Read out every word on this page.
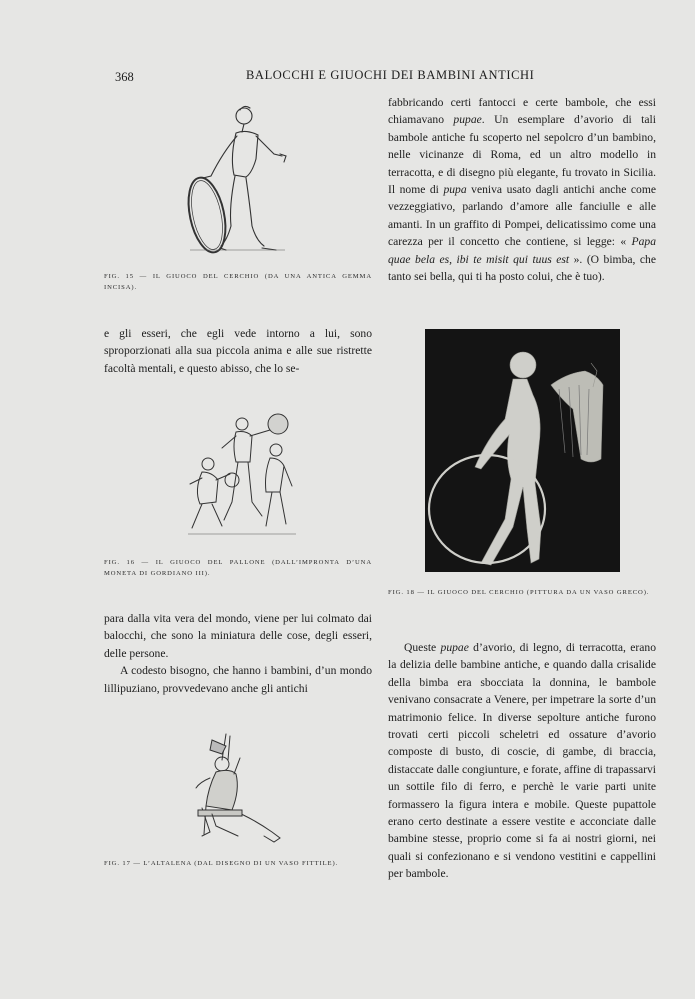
368	BALOCCHI E GIUOCHI DEI BAMBINI ANTICHI
FIG. 15 — IL GIUOCO DEL CERCHIO (DA UNA ANTICA GEMMA INCISA).

fabbricando certi fantocci e certe bambole, che essi chiamavano pupae. Un esemplare d’avorio di tali bambole antiche fu scoperto nel sepolcro d’un bambino, nelle vicinanze di Roma, ed un altro modello in terracotta, e di disegno più elegante, fu trovato in Sicilia. Il nome di pupa veniva usato dagli antichi anche come vezzeggiativo, parlando d’amore alle fanciulle e alle amanti. In un graffito di Pompei, delicatissimo come una carezza per il concetto che contiene, si legge: « Papa quae bela es, ibi te misit qui tuus est ». (O bimba, che tanto sei bella, qui ti ha posto colui, che è tuo).

e gli esseri, che egli vede intorno a lui, sono sproporzionati alla sua piccola anima e alle sue ristrette facoltà mentali, e questo abisso, che lo se-

FIG. 16 — IL GIUOCO DEL PALLONE (DALL’IMPRONTA D’UNA MONETA DI GORDIANO III).
FIG. 18 — IL GIUOCO DEL CERCHIO (PITTURA DA UN VASO GRECO).

para dalla vita vera del mondo, viene per lui colmato dai balocchi, che sono la miniatura delle cose, degli esseri, delle persone.

A codesto bisogno, che hanno i bambini, d’un mondo lillipuziano, provvedevano anche gli antichi

Queste pupae d’avorio, di legno, di terracotta, erano la delizia delle bambine antiche, e quando dalla crisalide della bimba era sbocciata la donnina, le bambole venivano consacrate a Venere, per impetrare la sorte d’un matrimonio felice. In diverse sepolture antiche furono trovati certi piccoli scheletri ed ossature d’avorio composte di busto, di coscie, di gambe, di braccia, distaccate dalle congiunture, e forate, affine di trapassarvi un sottile filo di ferro, e perchè le varie parti unite formassero la figura intera e mobile. Queste pupattole erano certo destinate a essere vestite e acconciate dalle bambine stesse, proprio come si fa ai nostri giorni, nei quali si confezionano e si vendono vestitini e cappellini per bambole.

FIG. 17 — L’ALTALENA (DAL DISEGNO DI UN VASO FITTILE).
